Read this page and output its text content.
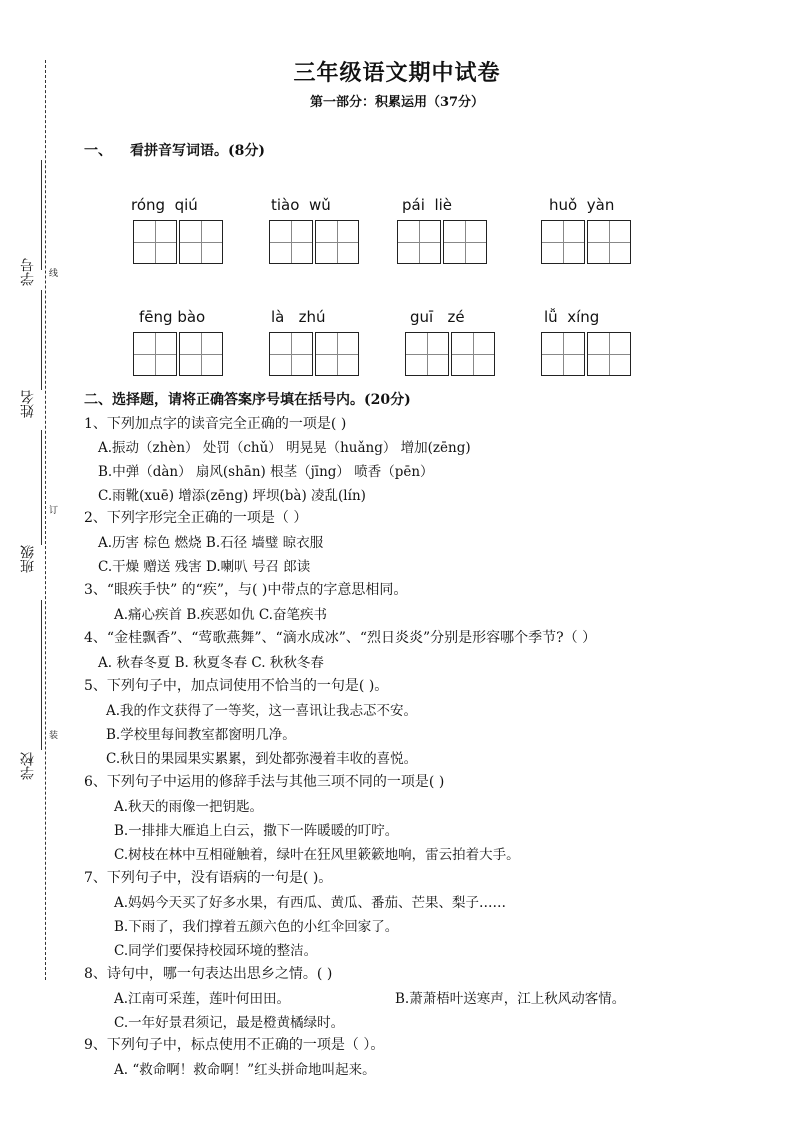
学号 线
姓名
订
班级
装
学校
三年级语文期中试卷
第一部分：积累运用（37分）
一、 看拼音写词语。(8分)
róng qiú	tiào wǔ	pái liè	huǒ yàn
fēng bào	là zhú	guī zé	lǚ xíng
二、选择题，请将正确答案序号填在括号内。(20分)
1、下列加点字的读音完全正确的一项是( )
A.振动（zhèn） 处罚（chǔ） 明晃晃（huǎng） 增加(zēng)
B.中弹（dàn） 扇风(shān) 根茎（jīng） 喷香（pēn）
C.雨靴(xuē) 增添(zēng) 坪坝(bà) 凌乱(lín)
2、下列字形完全正确的一项是（ ）
A.历害 棕色 燃烧 B.石径 墙璧 晾衣服
C.干燥 赠送 残害 D.喇叭 号召 郎读
3、“眼疾手快” 的“疾”，与( )中带点的字意思相同。
A.痛心疾首 B.疾恶如仇 C.奋笔疾书
4、“金桂飘香”、“莺歌燕舞”、“滴水成冰”、“烈日炎炎”分别是形容哪个季节?（ ）
A. 秋春冬夏 B. 秋夏冬春 C. 秋秋冬春
5、下列句子中，加点词使用不恰当的一句是( )。
A.我的作文获得了一等奖，这一喜讯让我忐忑不安。
B.学校里每间教室都窗明几净。
C.秋日的果园果实累累，到处都弥漫着丰收的喜悦。
6、下列句子中运用的修辞手法与其他三项不同的一项是( )
A.秋天的雨像一把钥匙。
B.一排排大雁追上白云，撒下一阵暖暖的叮咛。
C.树枝在林中互相碰触着，绿叶在狂风里簌簌地响，雷云拍着大手。
7、下列句子中，没有语病的一句是( )。
A.妈妈今天买了好多水果，有西瓜、黄瓜、番茄、芒果、梨子……
B.下雨了，我们撑着五颜六色的小红伞回家了。
C.同学们要保持校园环境的整洁。
8、诗句中，哪一句表达出思乡之情。( )
A.江南可采莲，莲叶何田田。	B.萧萧梧叶送寒声，江上秋风动客情。
C.一年好景君须记，最是橙黄橘绿时。
9、下列句子中，标点使用不正确的一项是（ ）。
A. “救命啊！救命啊！”红头拼命地叫起来。
